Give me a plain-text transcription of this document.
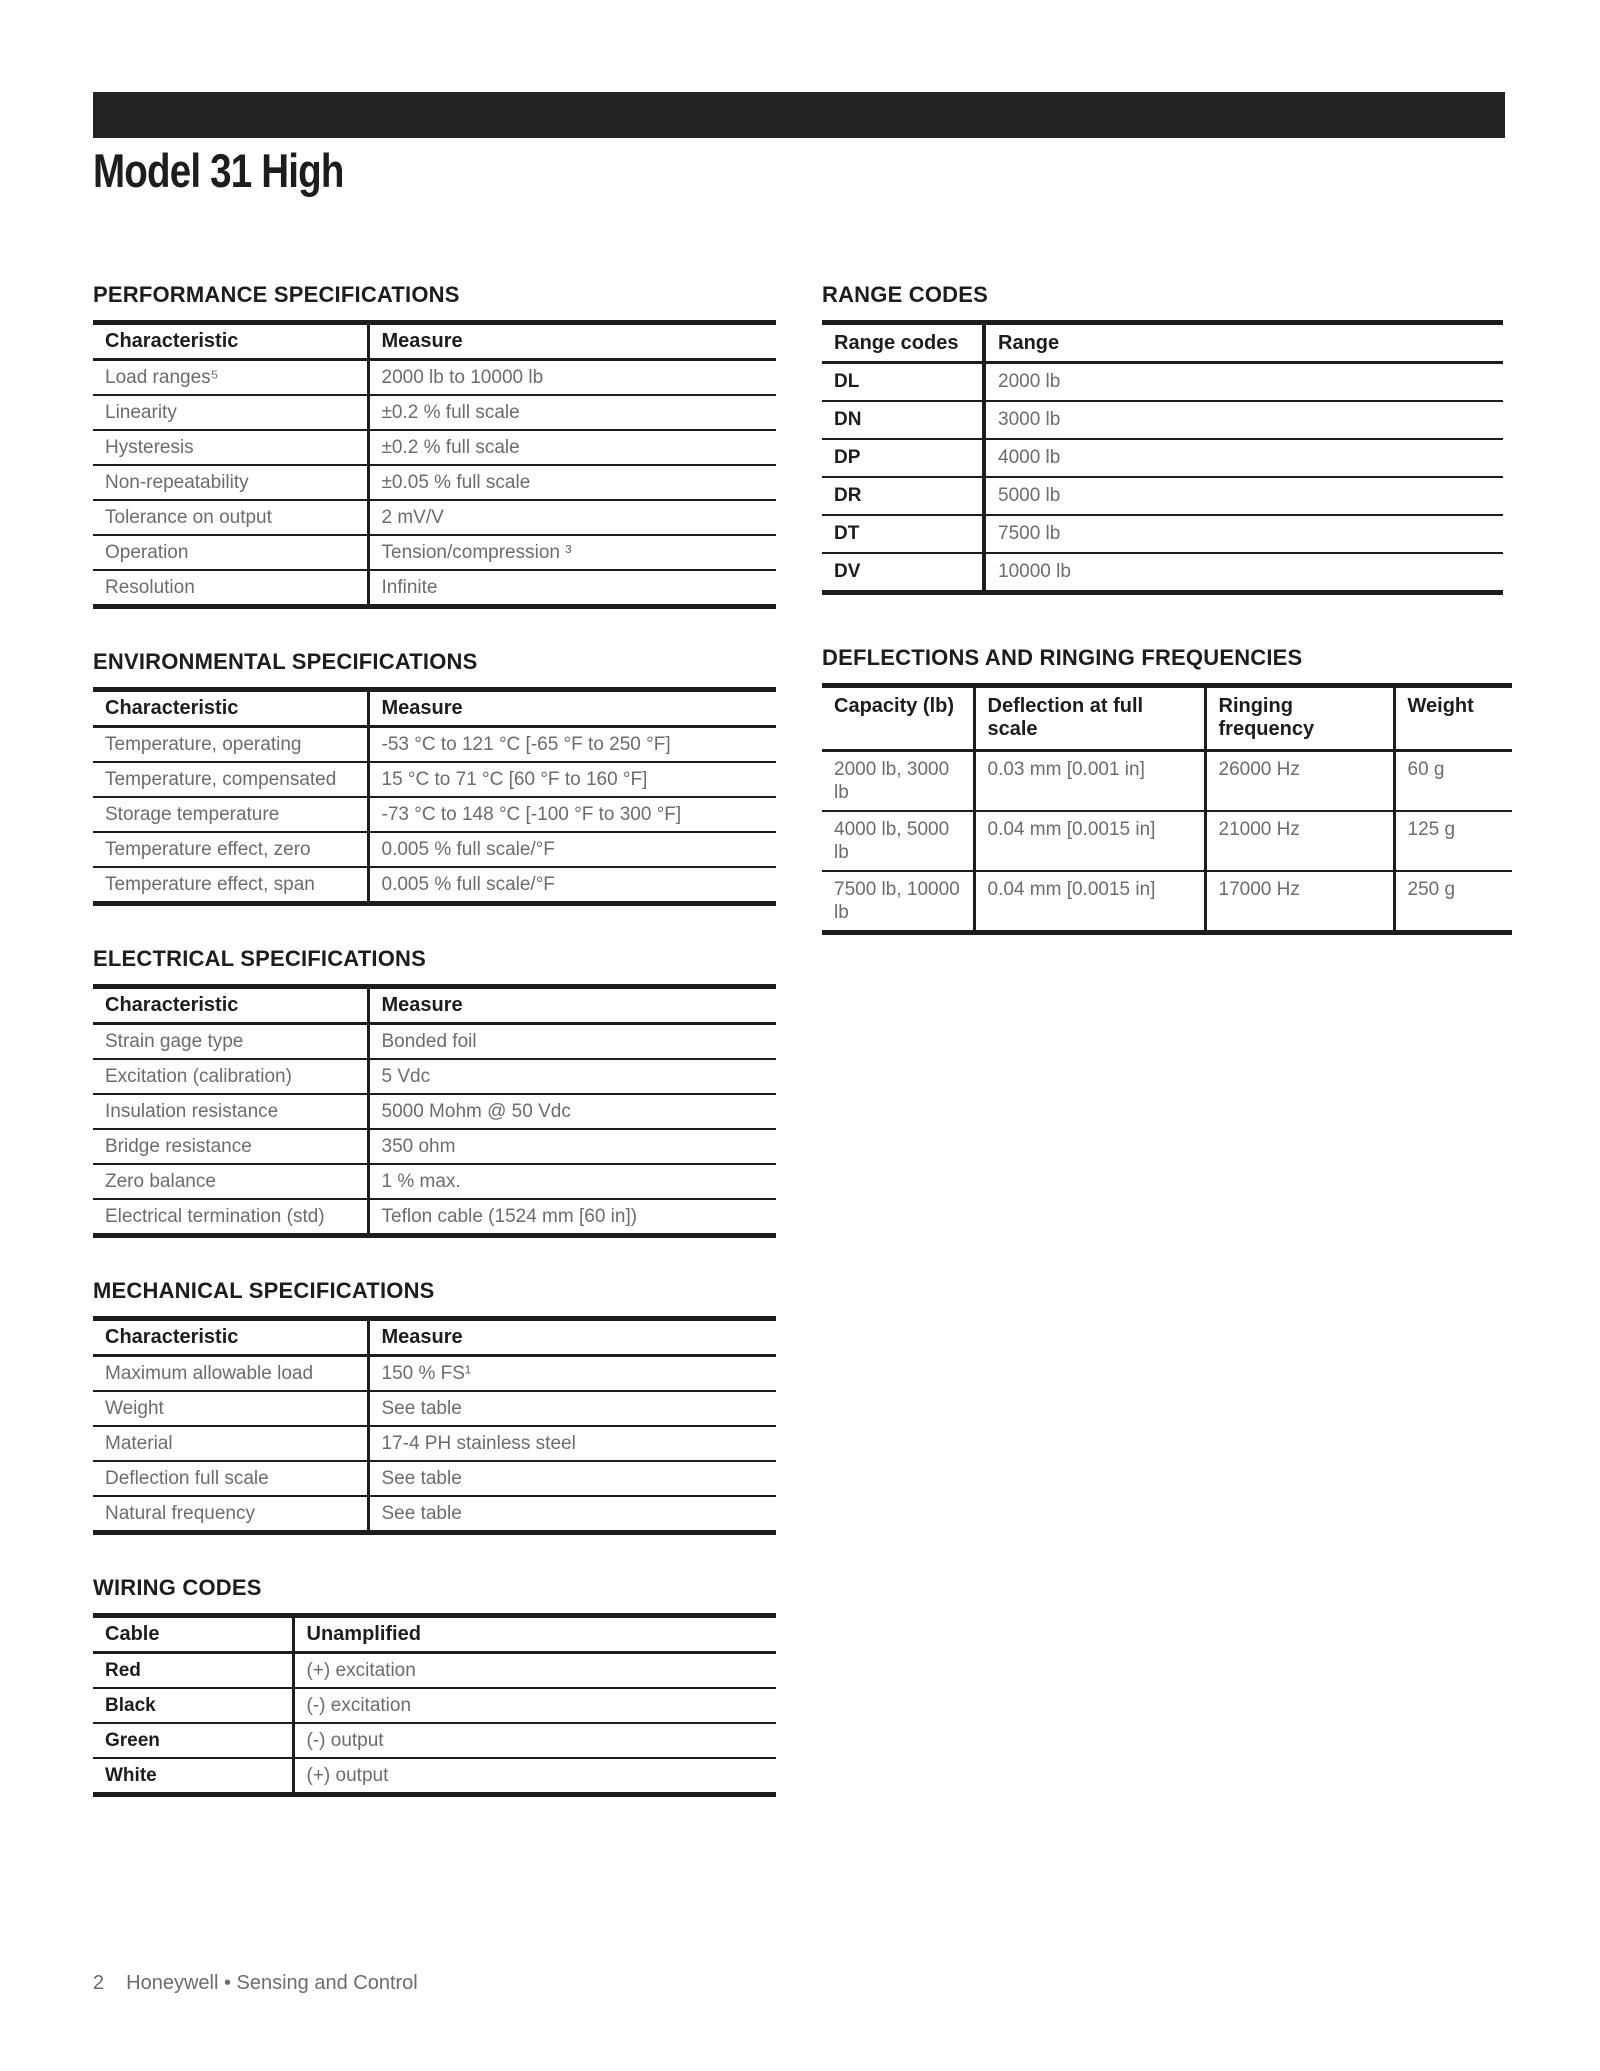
Model 31 High
PERFORMANCE SPECIFICATIONS
Characteristic	Measure
Load ranges⁵	2000 lb to 10000 lb
Linearity	±0.2 % full scale
Hysteresis	±0.2 % full scale
Non-repeatability	±0.05 % full scale
Tolerance on output	2 mV/V
Operation	Tension/compression ³
Resolution	Infinite
ENVIRONMENTAL SPECIFICATIONS
Characteristic	Measure
Temperature, operating	-53 °C to 121 °C [-65 °F to 250 °F]
Temperature, compensated	15 °C to 71 °C [60 °F to 160 °F]
Storage temperature	-73 °C to 148 °C [-100 °F to 300 °F]
Temperature effect, zero	0.005 % full scale/°F
Temperature effect, span	0.005 % full scale/°F
ELECTRICAL SPECIFICATIONS
Characteristic	Measure
Strain gage type	Bonded foil
Excitation (calibration)	5 Vdc
Insulation resistance	5000 Mohm @ 50 Vdc
Bridge resistance	350 ohm
Zero balance	1 % max.
Electrical termination (std)	Teflon cable (1524 mm [60 in])
MECHANICAL SPECIFICATIONS
Characteristic	Measure
Maximum allowable load	150 % FS¹
Weight	See table
Material	17-4 PH stainless steel
Deflection full scale	See table
Natural frequency	See table
WIRING CODES
Cable	Unamplified
Red	(+) excitation
Black	(-) excitation
Green	(-) output
White	(+) output
RANGE CODES
Range codes	Range
DL	2000 lb
DN	3000 lb
DP	4000 lb
DR	5000 lb
DT	7500 lb
DV	10000 lb
DEFLECTIONS AND RINGING FREQUENCIES
Capacity (lb)	Deflection at full scale	Ringing frequency	Weight
2000 lb, 3000 lb	0.03 mm [0.001 in]	26000 Hz	60 g
4000 lb, 5000 lb	0.04 mm [0.0015 in]	21000 Hz	125 g
7500 lb, 10000 lb	0.04 mm [0.0015 in]	17000 Hz	250 g
2 Honeywell • Sensing and Control
